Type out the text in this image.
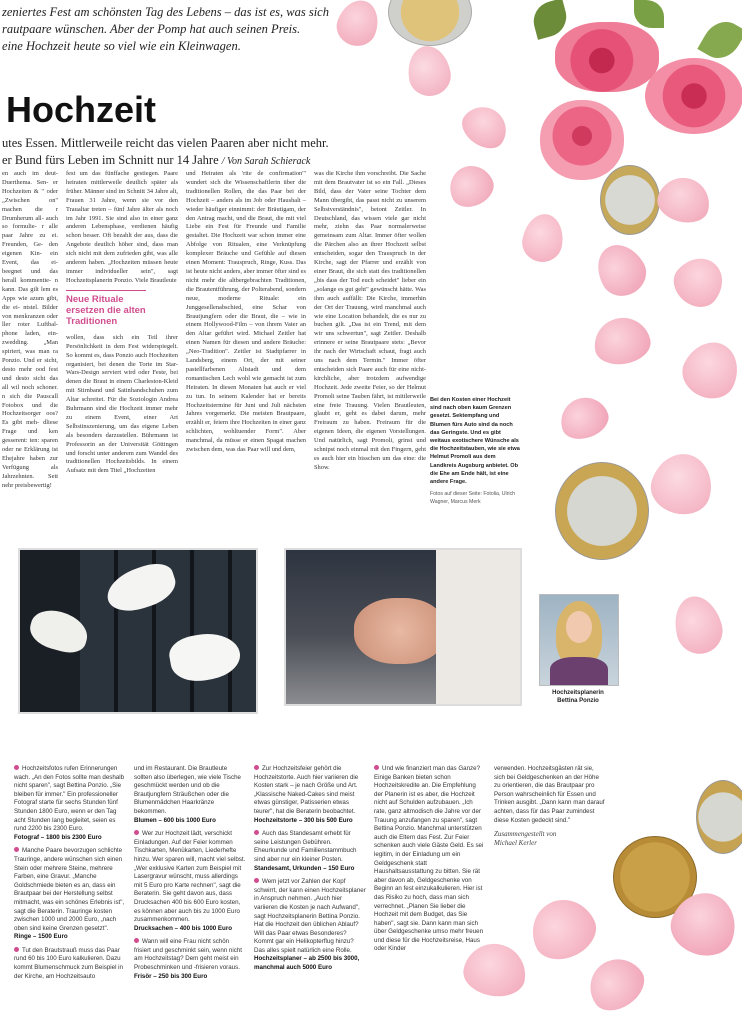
zeniertes Fest am schönsten Tag des Lebens – das ist es, was sich
rautpaare wünschen. Aber der Pomp hat auch seinen Preis.
eine Hochzeit heute so viel wie ein Kleinwagen.
Hochzeit
utes Essen. Mittlerweile reicht das vielen Paaren aber nicht mehr.
er Bund fürs Leben im Schnitt nur 14 Jahre / Von Sarah Schierack
en auch im deut- Duerthema. Sen- er Hochzeiten & " oder „Zwischen on" machen die r Drumherum all- auch so formulie- r alle paar Jahre zu ei. Freunden, Ge- den eigenen Kin- ein Event, das ei- beegnet und das herall kommentie- n kann. Das gilt lem es Apps wie azum gibt, die ei- ntstel. Bilder von menkranzen oder ller roter Luftbal- phone laden, ein- zwedding. „Man spiriert, was man ra Ponzio. Und er sicht, desto mehr ood fest und desto sicht das all wil noch schoner. n sich die Pauscall Fotobox und die Hochzeitsorger oos? Es gibt meh- dliese Frage und ken gesserent: ten: sparen oder ne Erklärung ist Ehejahre haben zur Verfügung als Jahrzehnten. Sett nehr preisbewertig!
fest um das fünffache gestiegen. Paare heiraten mittlerweile deutlich später als früher. Männer sind im Schnitt 34 Jahre alt, Frauen 31 Jahre, wenn sie vor den Traualtar treten – fünf Jahre älter als noch im Jahr 1991. Sie sind also in einer ganz anderen Lebensphase, verdienen häufig schon besser. Oft bezahlt der aus, dass die Angebote deutlich höher sind, dass man sich nicht mit dem zufrieden gibt, was alle anderen haben. „Hochzeiten müssen heute immer individueller sein", sagt Hochzeitsplanerin Ponzio. Viele Brautleute
Neue Rituale ersetzen die alten Traditionen
wollen, dass sich ein Teil ihrer Persönlichkeit in dem Fest widerspiegelt. So kommt es, dass Ponzio auch Hochzeiten organisiert, bei denen die Torte im Star-Wars-Design serviert wird oder Feste, bei denen die Braut in einem Charleston-Kleid mit Stirnband und Satinhandschuhen zum Altar schreitet. Für die Soziologin Andrea Buhrmann sind die Hochzeit immer mehr zu einem Event, einer Art Selbstinszenierung, um das eigene Leben als besonders darzustellen. Bührmann ist Professorin an der Universität Göttingen und forscht unter anderem zum Wandel des traditionellen Hochzeitsbilds. In einem Aufsatz mit dem Titel „Hochzeiten
und Heiraten als 'rite de confirmation'" wundert sich die Wissenschaftlerin über die traditionellen Rollen, die das Paar bei der Hochzeit – anders als im Job oder Haushalt – wieder häufiger einnimmt: der Bräutigam, der den Antrag macht, und die Braut, die mit viel Liebe ein Fest für Freunde und Familie gestaltet. Die Hochzeit war schon immer eine Abfolge von Ritualen, eine Verknüpfung komplexer Bräuche und Gefühle auf diesen einen Moment: Trauspruch, Ringe, Kuss. Das ist heute nicht anders, aber immer öfter sind es nicht mehr die altbergebrachten Traditionen, die Brautentführung, der Polterabend, sondern neue, moderne Rituale: ein Junggesellenabschied, eine Schar von Brautjungfern oder die Braut, die – wie in einem Hollywood-Film – von ihrem Vater an den Altar geführt wird. Michael Zeitler hat einen Namen für diesen und andere Bräuche: „Neo-Tradition". Zeitler ist Stadtpfarrer in Landsberg, einem Ort, der mit seiner pastellfarbenen Altstadt und dem romantischen Lech wohl wie gemacht ist zum Heiraten. In diesen Monaten hat auch er viel zu tun. In seinem Kalender hat er bereits Hochzeitstermine für Juni und Juli nächsten Jahres vorgemerkt. Die meisten Brautpaare, erzählt er, feiern ihre Hochzeiten in einer ganz schlichten, wohltuender Form". Aber manchmal, da müsse er einen Spagat machen zwischen dem, was das Paar will und dem,
was die Kirche ihm vorschreibt. Die Sache mit dem Brautvater ist so ein Fall. „Dieses Bild, dass der Vater seine Tochter dem Mann übergibt, das passt nicht zu unserem Selbstverständnis", betont Zeitler. In Deutschland, das wissen viele gar nicht mehr, ziehn das Paar normalerweise gemeinsam zum Altar. Immer öfter wollen die Pärchen also an ihrer Hochzeit selbst entscheiden, sogar den Trauspruch in der Kirche, sagt der Pfarrer und erzählt von einer Braut, die sich statt des traditionellen „bis dass der Tod euch scheidet" lieber ein „solange es gut geht" gewünscht hätte. Was ihm auch auffällt: Die Kirche, immerhin der Ort der Trauung, wird manchmal auch wie eine Location behandelt, die es nur zu buchen gilt. „Das ist ein Trend, mit dem wir uns schwertun", sagt Zeitler. Deshalb erinnere er seine Brautpaare stets: „Bevor ihr nach der Wirtschaft schaut, fragt auch uns nach dem Termin." Immer öfter entscheiden sich Paare auch für eine nicht-kirchliche, aber trotzdem aufwendige Hochzeit. Jede zweite Feier, so der Helmut Promoli seine Tauben fährt, ist mittlerweile eine freie Trauung. Vielen Brautleuten, glaubt er, geht es dabei darum, mehr Freiraum zu haben. Freiraum für die eigenen Ideen, die eigenen Vorstellungen. Und natürlich, sagt Promoli, grinst und schnipst noch einmal mit den Fingern, geht es auch hier ein bisschen um das eine: die Show.
Bei den Kosten einer Hochzeit sind nach oben kaum Grenzen gesetzt. Sektempfang und Blumen fürs Auto sind da noch das Geringste. Und es gibt weitaus exotischere Wünsche als die Hochzeitstauben, wie sie etwa Helmut Promoli aus dem Landkreis Augsburg anbietet. Ob die Ehe am Ende hält, ist eine andere Frage.
Fotos auf dieser Seite: Fotolia, Ulrich Wagner, Marcus Merk
Hochzeitsplanerin
Bettina Ponzio

Hochzeitsfotos rufen Erinnerungen wach. „An den Fotos sollte man deshalb nicht sparen", sagt Bettina Ponzio. „Sie bleiben für immer." Ein professioneller Fotograf starte für sechs Stunden fünf Stunden 1800 Euro, wenn er den Tag acht Stunden lang begleitet, seien es rund 2200 bis 2300 Euro.
Fotograf – 1800 bis 2300 Euro

Manche Paare bevorzugen schlichte Trauringe, andere wünschen sich einen Stein oder mehrere Steine, mehrere Farben, eine Gravur. „Manche Goldschmiede bieten es an, dass ein Brautpaar bei der Herstellung selbst mitmacht, was ein schönes Erlebnis ist", sagt die Beraterin. Trauringe kosten zwischen 1000 und 2000 Euro, „nach oben sind keine Grenzen gesetzt".
Ringe – 1500 Euro

Tut den Brautstrauß muss das Paar rund 60 bis 100 Euro kalkulieren. Dazu kommt Blumenschmuck zum Beispiel in der Kirche, am Hochzeitsauto

und im Restaurant. Die Brautleute sollten also überlegen, wie viele Tische geschmückt werden und ob die Brautjungfern Sträußchen oder die Blumenmädchen Haarkränze bekommen.
Blumen – 600 bis 1000 Euro

Wer zur Hochzeit lädt, verschickt Einladungen. Auf der Feier kommen Tischkarten, Menükarten, Liederhefte hinzu. Wer sparen will, macht viel selbst. „Wer exklusive Karten zum Beispiel mit Lasergravur wünscht, muss allerdings mit 5 Euro pro Karte rechnen", sagt die Beraterin. Sie geht davon aus, dass Drucksachen 400 bis 600 Euro kosten, es können aber auch bis zu 1000 Euro zusammenkommen.
Drucksachen – 400 bis 1000 Euro

Wann will eine Frau nicht schön frisiert und geschminkt sein, wenn nicht am Hochzeitstag? Dem geht meist ein Probeschminken und -frisieren voraus.
Frisör – 250 bis 300 Euro

Zur Hochzeitsfeier gehört die Hochzeitstorte. Auch hier variieren die Kosten stark – je nach Größe und Art. „Klassische Naked-Cakes sind meist etwas günstiger, Patisserien etwas teurer", hat die Beraterin beobachtet.
Hochzeitstorte – 300 bis 500 Euro

Auch das Standesamt erhebt für seine Leistungen Gebühren. Eheurkunde und Familienstammbuch sind aber nur ein kleiner Posten.
Standesamt, Urkunden – 150 Euro

Wem jetzt vor Zahlen der Kopf schwirrt, der kann einen Hochzeitsplaner in Anspruch nehmen. „Auch hier variieren die Kosten je nach Aufwand", sagt Hochzeitsplanerin Bettina Ponzio. Hat die Hochzeit den üblichen Ablauf? Will das Paar etwas Besonderes? Kommt gar ein Helikopterflug hinzu? Das alles spielt natürlich eine Rolle.
Hochzeitsplaner – ab 2500 bis 3000, manchmal auch 5000 Euro

Und wie finanziert man das Ganze? Einige Banken bieten schon Hochzeitskredite an. Die Empfehlung der Planerin ist es aber, die Hochzeit nicht auf Schulden aufzubauen. „Ich rate, ganz altmodisch die Jahre vor der Trauung anzufangen zu sparen", sagt Bettina Ponzio. Manchmal unterstützen auch die Eltern das Fest. Zur Feier schenken auch viele Gäste Geld. Es sei legitim, in der Einladung um ein Geldgeschenk statt Haushaltsausstattung zu bitten. Sie rät aber davon ab, Geldgeschenke von Beginn an fest einzukalkulieren. Hier ist das Risiko zu hoch, dass man sich verrechnet. „Planen Sie lieber die Hochzeit mit dem Budget, das Sie haben", sagt sie. Dann kann man sich über Geldgeschenke umso mehr freuen und diese für die Hochzeitsreise, Haus oder Kinder

verwenden. Hochzeitsgästen rät sie, sich bei Geldgeschenken an der Höhe zu orientieren, die das Brautpaar pro Person wahrscheinlich für Essen und Trinken ausgibt. „Dann kann man darauf achten, dass für das Paar zumindest diese Kosten gedeckt sind."

Zusammengestellt von
Michael Kerler
